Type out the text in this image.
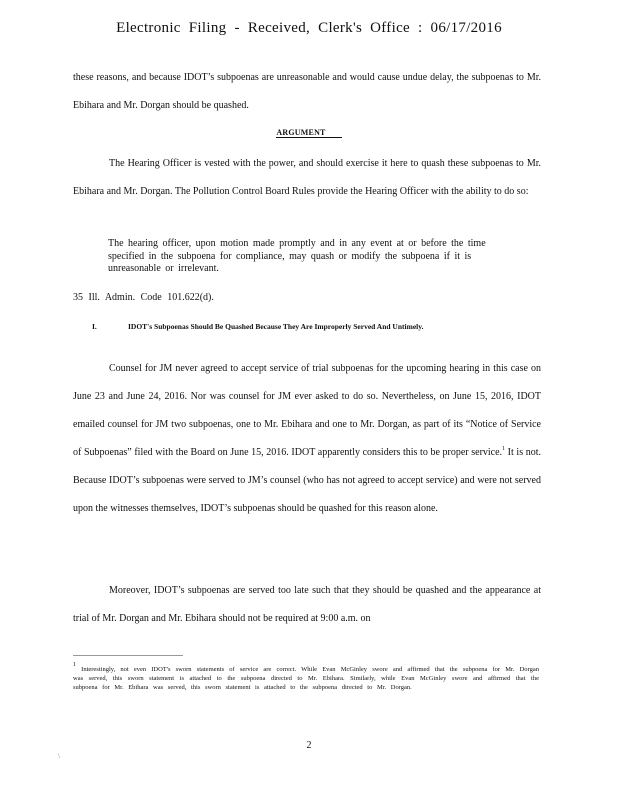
Electronic Filing - Received, Clerk's Office : 06/17/2016
these reasons, and because IDOT’s subpoenas are unreasonable and would cause undue delay, the subpoenas to Mr. Ebihara and Mr. Dorgan should be quashed.
ARGUMENT
The Hearing Officer is vested with the power, and should exercise it here to quash these subpoenas to Mr. Ebihara and Mr. Dorgan. The Pollution Control Board Rules provide the Hearing Officer with the ability to do so:
The hearing officer, upon motion made promptly and in any event at or before the time specified in the subpoena for compliance, may quash or modify the subpoena if it is unreasonable or irrelevant.
35 Ill. Admin. Code 101.622(d).
I.	IDOT's Subpoenas Should Be Quashed Because They Are Improperly Served And Untimely.
Counsel for JM never agreed to accept service of trial subpoenas for the upcoming hearing in this case on June 23 and June 24, 2016. Nor was counsel for JM ever asked to do so. Nevertheless, on June 15, 2016, IDOT emailed counsel for JM two subpoenas, one to Mr. Ebihara and one to Mr. Dorgan, as part of its “Notice of Service of Subpoenas” filed with the Board on June 15, 2016. IDOT apparently considers this to be proper service.$^1$ It is not. Because IDOT’s subpoenas were served to JM’s counsel (who has not agreed to accept service) and were not served upon the witnesses themselves, IDOT’s subpoenas should be quashed for this reason alone.
Moreover, IDOT’s subpoenas are served too late such that they should be quashed and the appearance at trial of Mr. Dorgan and Mr. Ebihara should not be required at 9:00 a.m. on
$^1$ Interestingly, not even IDOT's sworn statements of service are correct. While Evan McGinley swore and affirmed that the subpoena for Mr. Dorgan was served, this sworn statement is attached to the subpoena directed to Mr. Ebihara. Similarly, while Evan McGinley swore and affirmed that the subpoena for Mr. Ebihara was served, this sworn statement is attached to the subpoena directed to Mr. Dorgan.
2
\
